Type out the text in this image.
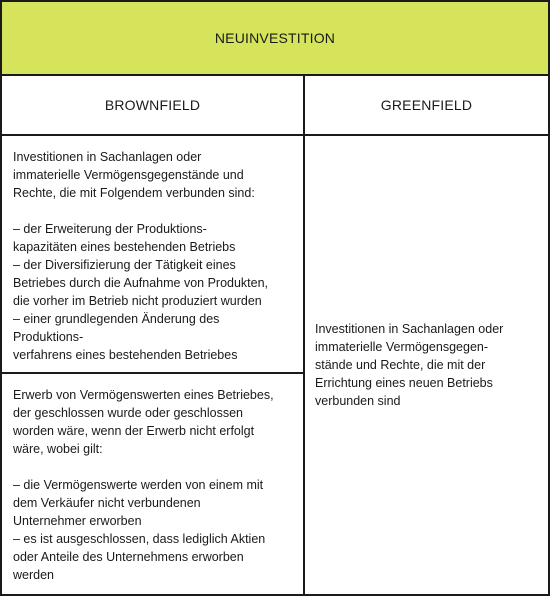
NEUINVESTITION
BROWNFIELD	GREENFIELD
Investitionen in Sachanlagen oder
immaterielle Vermögensgegenstände und
Rechte, die mit Folgendem verbunden sind:

– der Erweiterung der Produktions-
kapazitäten eines bestehenden Betriebs
– der Diversifizierung der Tätigkeit eines
Betriebes durch die Aufnahme von Produkten,
die vorher im Betrieb nicht produziert wurden
– einer grundlegenden Änderung des
Produktions-
verfahrens eines bestehenden Betriebes
Erwerb von Vermögenswerten eines Betriebes,
der geschlossen wurde oder geschlossen
worden wäre, wenn der Erwerb nicht erfolgt
wäre, wobei gilt:

– die Vermögenswerte werden von einem mit
dem Verkäufer nicht verbundenen
Unternehmer erworben
– es ist ausgeschlossen, dass lediglich Aktien
oder Anteile des Unternehmens erworben
werden
Investitionen in Sachanlagen oder
immaterielle Vermögensgegen-
stände und Rechte, die mit der
Errichtung eines neuen Betriebs
verbunden sind
